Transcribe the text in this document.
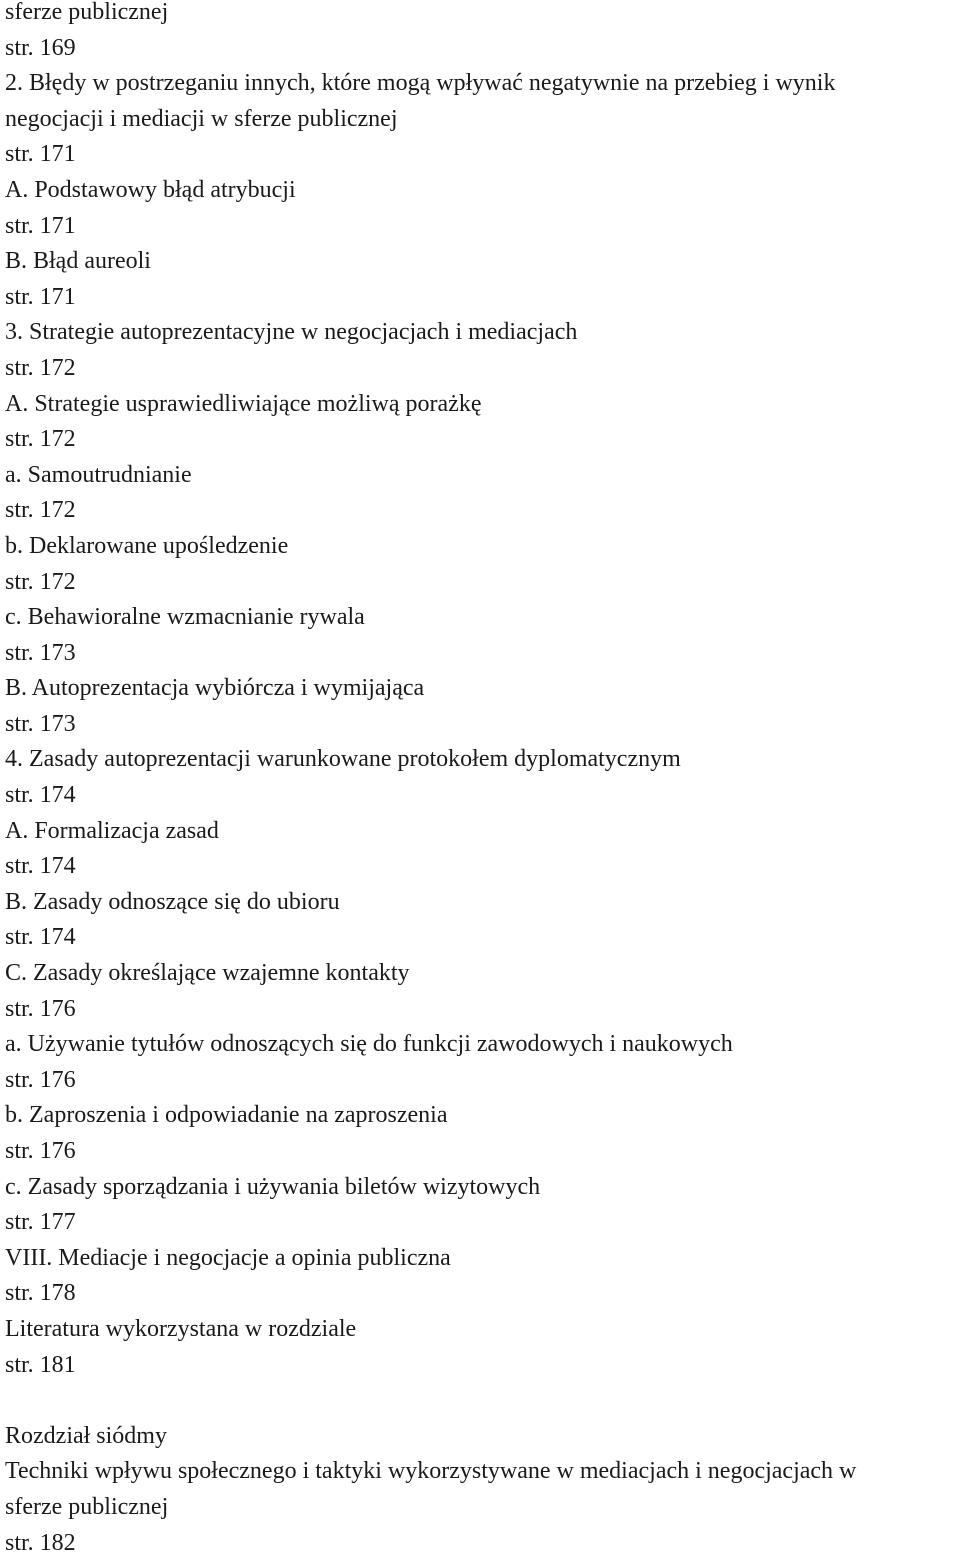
sferze publicznej

str. 169

2. Błędy w postrzeganiu innych, które mogą wpływać negatywnie na przebieg i wynik

negocjacji i mediacji w sferze publicznej

str. 171

A. Podstawowy błąd atrybucji

str. 171

B. Błąd aureoli

str. 171

3. Strategie autoprezentacyjne w negocjacjach i mediacjach

str. 172

A. Strategie usprawiedliwiające możliwą porażkę

str. 172

a. Samoutrudnianie

str. 172

b. Deklarowane upośledzenie

str. 172

c. Behawioralne wzmacnianie rywala

str. 173

B. Autoprezentacja wybiórcza i wymijająca

str. 173

4. Zasady autoprezentacji warunkowane protokołem dyplomatycznym

str. 174

A. Formalizacja zasad

str. 174

B. Zasady odnoszące się do ubioru

str. 174

C. Zasady określające wzajemne kontakty

str. 176

a. Używanie tytułów odnoszących się do funkcji zawodowych i naukowych

str. 176

b. Zaproszenia i odpowiadanie na zaproszenia

str. 176

c. Zasady sporządzania i używania biletów wizytowych

str. 177

VIII. Mediacje i negocjacje a opinia publiczna

str. 178

Literatura wykorzystana w rozdziale

str. 181

Rozdział siódmy

Techniki wpływu społecznego i taktyki wykorzystywane w mediacjach i negocjacjach w

sferze publicznej

str. 182
